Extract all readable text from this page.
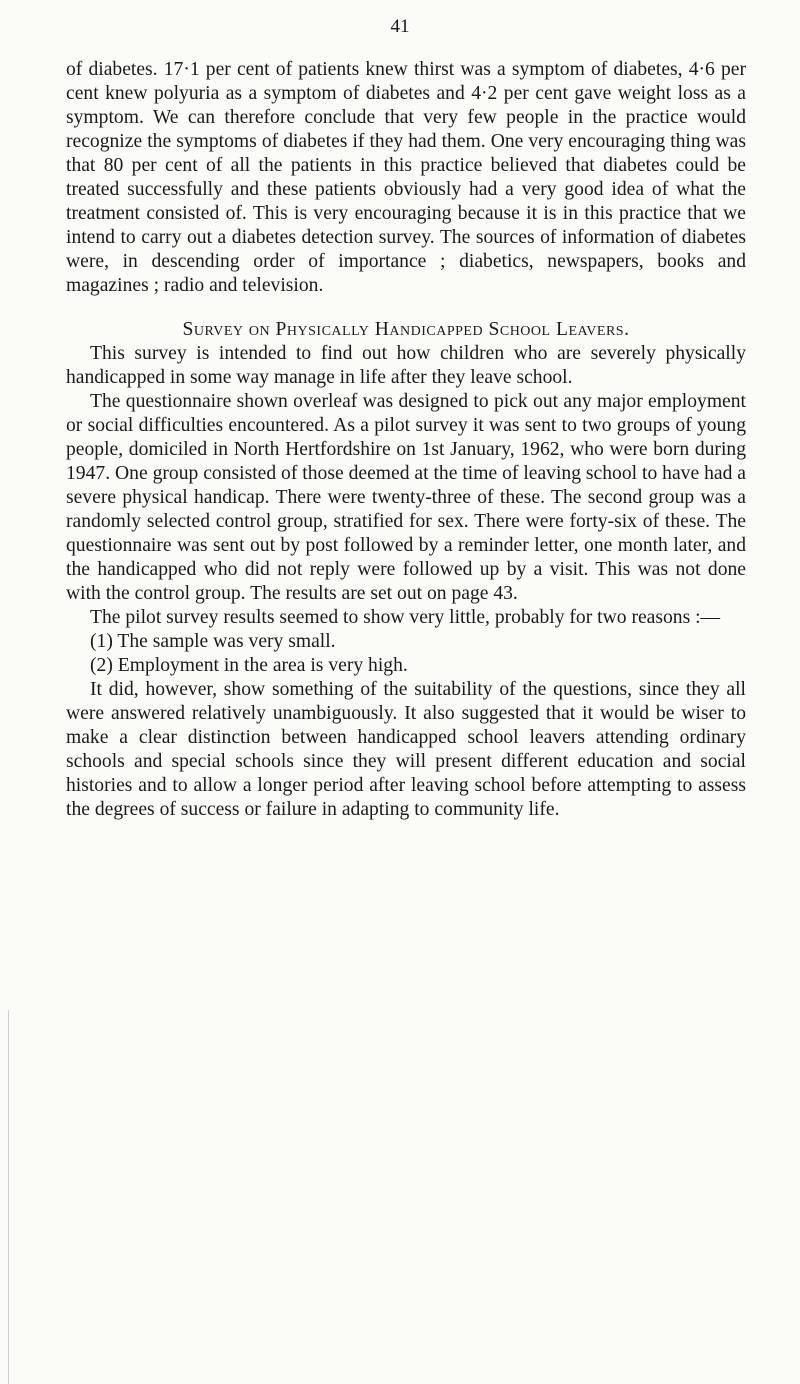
41

of diabetes. 17·1 per cent of patients knew thirst was a symptom of diabetes, 4·6 per cent knew polyuria as a symptom of diabetes and 4·2 per cent gave weight loss as a symptom. We can therefore conclude that very few people in the practice would recognize the symptoms of diabetes if they had them. One very encouraging thing was that 80 per cent of all the patients in this practice believed that diabetes could be treated successfully and these patients obviously had a very good idea of what the treatment consisted of. This is very encouraging because it is in this practice that we intend to carry out a diabetes detection survey. The sources of information of diabetes were, in descending order of importance ; diabetics, newspapers, books and magazines ; radio and television.

Survey on Physically Handicapped School Leavers.

This survey is intended to find out how children who are severely physically handicapped in some way manage in life after they leave school.

The questionnaire shown overleaf was designed to pick out any major employment or social difficulties encountered. As a pilot survey it was sent to two groups of young people, domiciled in North Hertfordshire on 1st January, 1962, who were born during 1947. One group consisted of those deemed at the time of leaving school to have had a severe physical handicap. There were twenty-three of these. The second group was a randomly selected control group, stratified for sex. There were forty-six of these. The questionnaire was sent out by post followed by a reminder letter, one month later, and the handicapped who did not reply were followed up by a visit. This was not done with the control group. The results are set out on page 43.

The pilot survey results seemed to show very little, probably for two reasons :—

(1) The sample was very small.

(2) Employment in the area is very high.

It did, however, show something of the suitability of the questions, since they all were answered relatively unambiguously. It also suggested that it would be wiser to make a clear distinction between handicapped school leavers attending ordinary schools and special schools since they will present different education and social histories and to allow a longer period after leaving school before attempting to assess the degrees of success or failure in adapting to community life.
